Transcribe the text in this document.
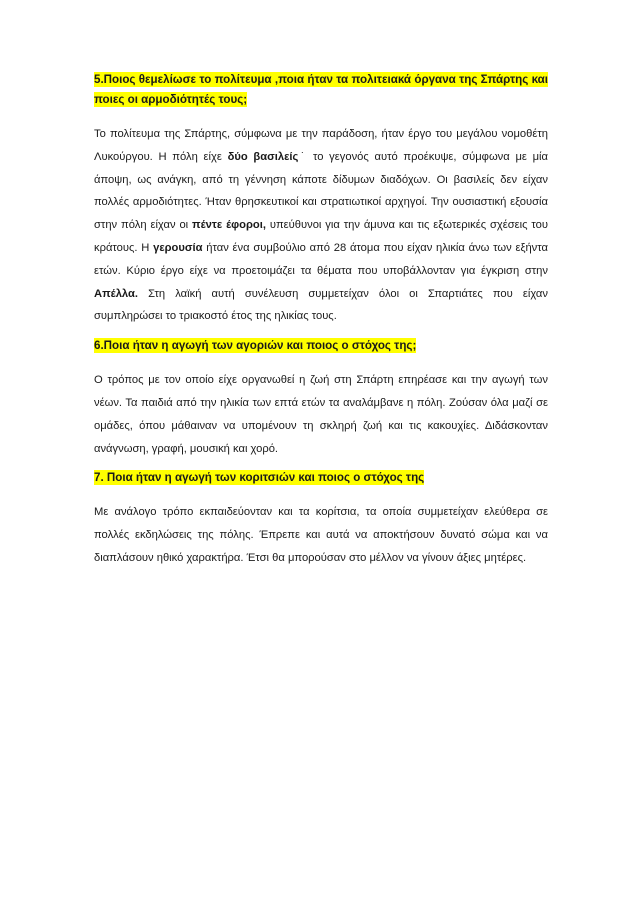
5.Ποιος θεμελίωσε το πολίτευμα ,ποια ήταν τα πολιτειακά όργανα της Σπάρτης και ποιες οι αρμοδιότητές τους;

Το πολίτευμα της Σπάρτης, σύμφωνα με την παράδοση, ήταν έργο του μεγάλου νομοθέτη Λυκούργου. Η πόλη είχε δύο βασιλείς˙ το γεγονός αυτό προέκυψε, σύμφωνα με μία άποψη, ως ανάγκη, από τη γέννηση κάποτε δίδυμων διαδόχων. Οι βασιλείς δεν είχαν πολλές αρμοδιότητες. Ήταν θρησκευτικοί και στρατιωτικοί αρχηγοί. Την ουσιαστική εξουσία στην πόλη είχαν οι πέντε έφοροι, υπεύθυνοι για την άμυνα και τις εξωτερικές σχέσεις του κράτους. Η γερουσία ήταν ένα συμβούλιο από 28 άτομα που είχαν ηλικία άνω των εξήντα ετών. Κύριο έργο είχε να προετοιμάζει τα θέματα που υποβάλλονταν για έγκριση στην Απέλλα. Στη λαϊκή αυτή συνέλευση συμμετείχαν όλοι οι Σπαρτιάτες που είχαν συμπληρώσει το τριακοστό έτος της ηλικίας τους.

6.Ποια ήταν η αγωγή των αγοριών και ποιος ο στόχος της;

Ο τρόπος με τον οποίο είχε οργανωθεί η ζωή στη Σπάρτη επηρέασε και την αγωγή των νέων. Τα παιδιά από την ηλικία των επτά ετών τα αναλάμβανε η πόλη. Ζούσαν όλα μαζί σε ομάδες, όπου μάθαιναν να υπομένουν τη σκληρή ζωή και τις κακουχίες. Διδάσκονταν ανάγνωση, γραφή, μουσική και χορό.

7. Ποια ήταν η αγωγή των κοριτσιών και ποιος ο στόχος της

Με ανάλογο τρόπο εκπαιδεύονταν και τα κορίτσια, τα οποία συμμετείχαν ελεύθερα σε πολλές εκδηλώσεις της πόλης. Έπρεπε και αυτά να αποκτήσουν δυνατό σώμα και να διαπλάσουν ηθικό χαρακτήρα. Έτσι θα μπορούσαν στο μέλλον να γίνουν άξιες μητέρες.
